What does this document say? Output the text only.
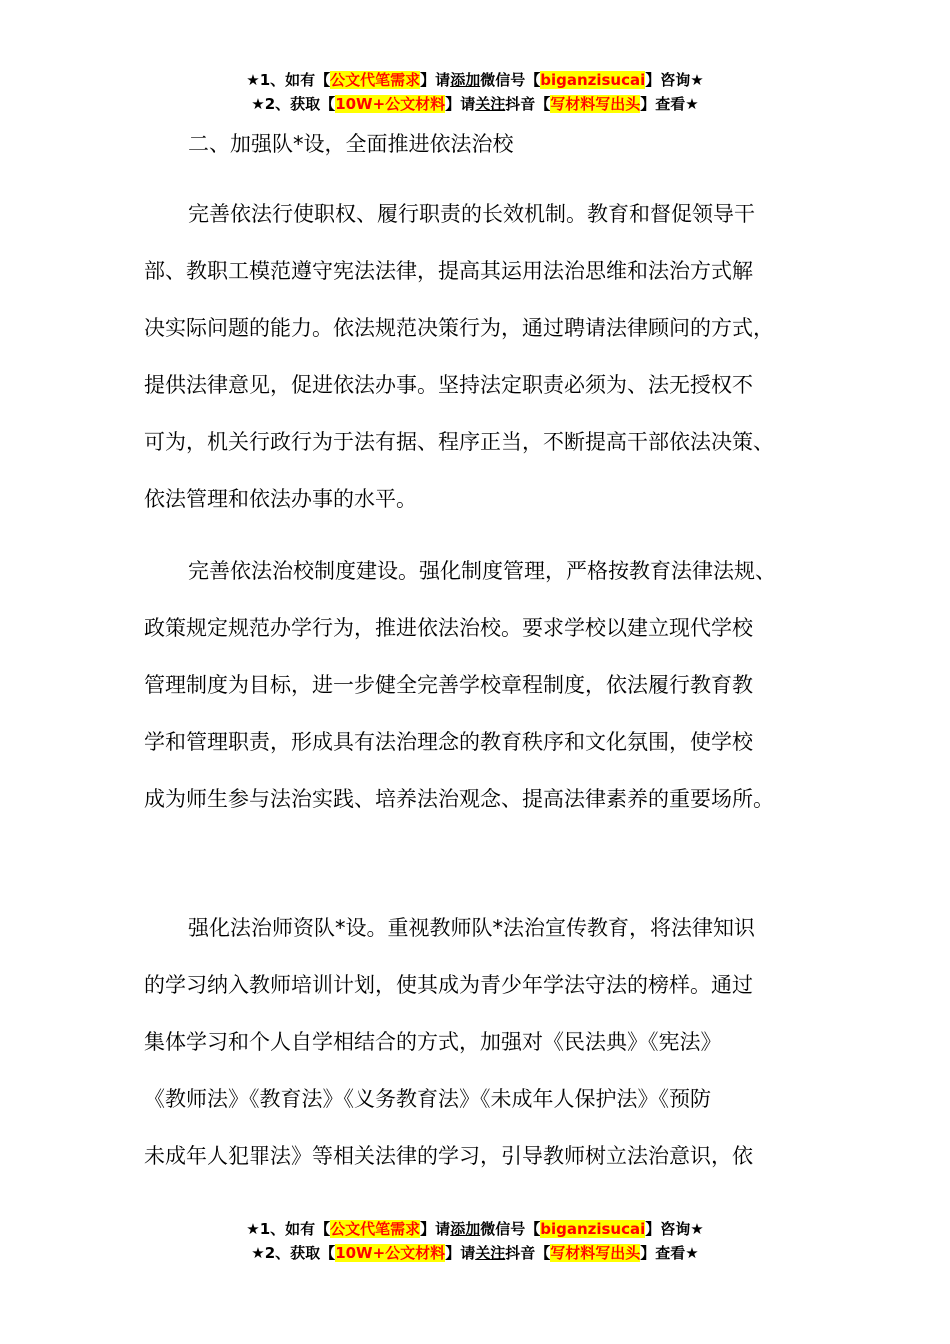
★1、如有【公文代笔需求】请添加微信号【biganzisucai】咨询★
★2、获取【10W+公文材料】请关注抖音【写材料写出头】查看★
二、加强队*设，全面推进依法治校
完善依法行使职权、履行职责的长效机制。教育和督促领导干
部、教职工模范遵守宪法法律，提高其运用法治思维和法治方式解
决实际问题的能力。依法规范决策行为，通过聘请法律顾问的方式，
提供法律意见，促进依法办事。坚持法定职责必须为、法无授权不
可为，机关行政行为于法有据、程序正当，不断提高干部依法决策、
依法管理和依法办事的水平。
完善依法治校制度建设。强化制度管理，严格按教育法律法规、
政策规定规范办学行为，推进依法治校。要求学校以建立现代学校
管理制度为目标，进一步健全完善学校章程制度，依法履行教育教
学和管理职责，形成具有法治理念的教育秩序和文化氛围，使学校
成为师生参与法治实践、培养法治观念、提高法律素养的重要场所。
强化法治师资队*设。重视教师队*法治宣传教育，将法律知识
的学习纳入教师培训计划，使其成为青少年学法守法的榜样。通过
集体学习和个人自学相结合的方式，加强对《民法典》《宪法》
《教师法》《教育法》《义务教育法》《未成年人保护法》《预防
未成年人犯罪法》等相关法律的学习，引导教师树立法治意识，依
★1、如有【公文代笔需求】请添加微信号【biganzisucai】咨询★
★2、获取【10W+公文材料】请关注抖音【写材料写出头】查看★
